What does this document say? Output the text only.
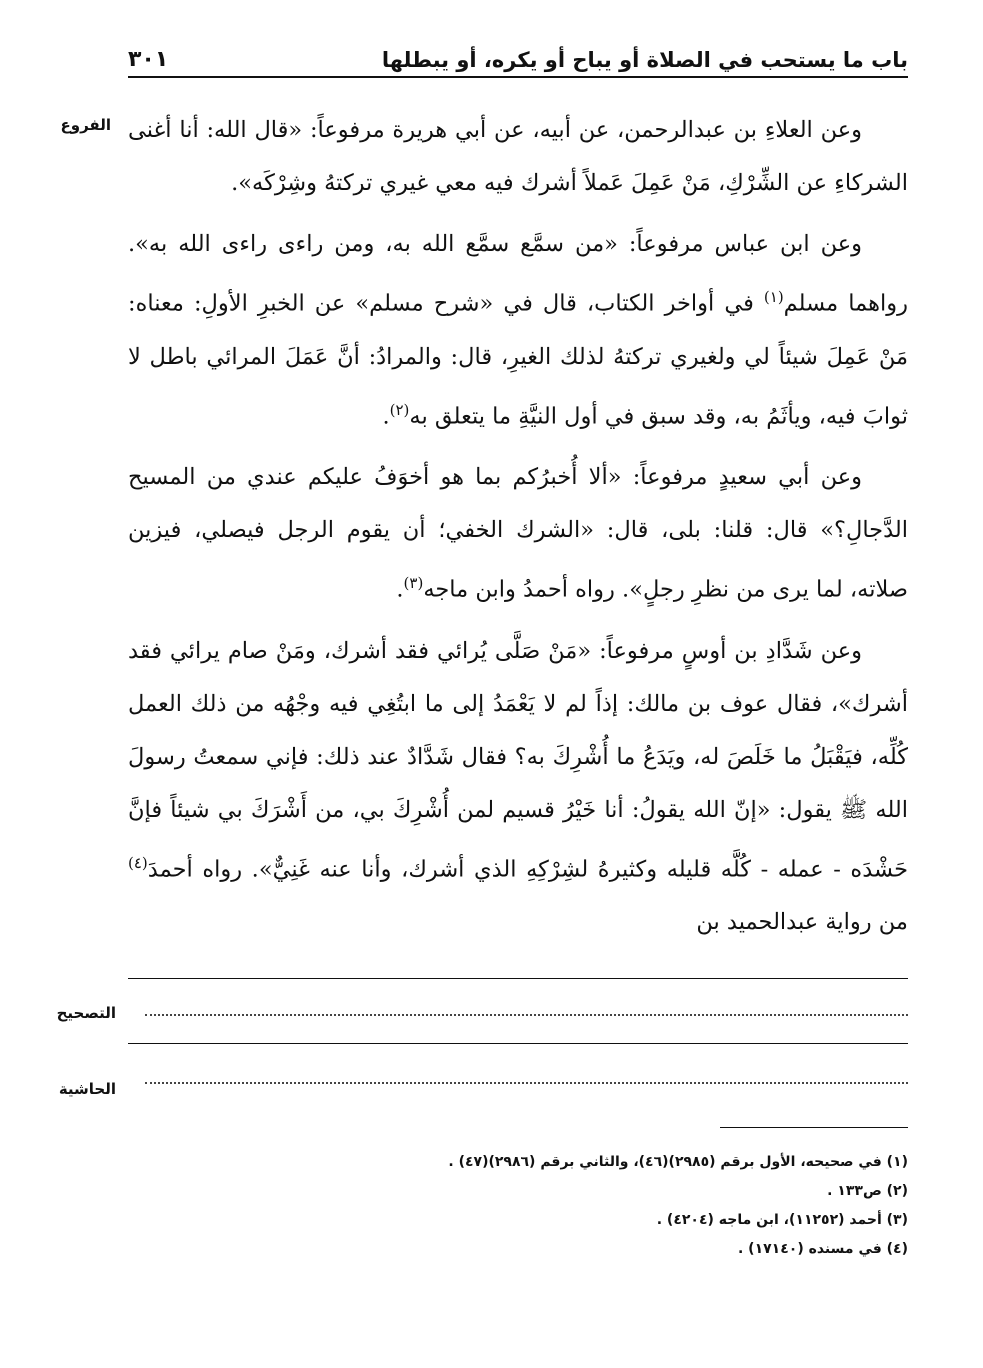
باب ما يستحب في الصلاة أو يباح أو يكره، أو يبطلها
٣٠١
الفروع وعن العلاءِ بن عبدالرحمن، عن أبيه، عن أبي هريرة مرفوعاً: «قال الله: أنا أغنى الشركاءِ عن الشِّرْكِ، مَنْ عَمِلَ عَملاً أشرك فيه معي غيري تركتهُ وشِرْكَه».

وعن ابن عباس مرفوعاً: «من سمَّع سمَّع الله به، ومن راءى راءى الله به». رواهما مسلم$^{(١)}$ في أواخر الكتاب، قال في «شرح مسلم» عن الخبرِ الأولِ: معناه: مَنْ عَمِلَ شيئاً لي ولغيري تركتهُ لذلك الغيرِ، قال: والمرادُ: أنَّ عَمَلَ المرائي باطل لا ثوابَ فيه، ويأثَمُ به، وقد سبق في أول النيَّةِ ما يتعلق به$^{(٢)}$.

وعن أبي سعيدٍ مرفوعاً: «ألا أُخبرُكم بما هو أخوَفُ عليكم عندي من المسيح الدَّجالِ؟» قال: قلنا: بلى، قال: «الشرك الخفي؛ أن يقوم الرجل فيصلي، فيزين صلاته، لما يرى من نظرِ رجلٍ». رواه أحمدُ وابن ماجه$^{(٣)}$.

وعن شَدَّادِ بن أوسٍ مرفوعاً: «مَنْ صَلَّى يُرائي فقد أشرك، ومَنْ صام يرائي فقد أشرك»، فقال عوف بن مالك: إذاً لم لا يَعْمَدُ إلى ما ابتُغِي فيه وجْهُه من ذلك العمل كُلِّه، فيَقْبَلُ ما خَلَصَ له، ويَدَعُ ما أُشْرِكَ به؟ فقال شَدَّادٌ عند ذلك: فإني سمعتُ رسولَ الله ﷺ يقول: «إنّ الله يقولُ: أنا خَيْرُ قسيم لمن أُشْرِكَ بي، من أَشْرَكَ بي شيئاً فإنَّ حَشْدَه - عمله - كُلَّه قليله وكثيرهُ لشِرْكِهِ الذي أشرك، وأنا عنه غَنِيٌّ». رواه أحمدَ$^{(٤)}$ من رواية عبدالحميد بن

التصحيح
الحاشية
(١) في صحيحه، الأول برقم (٢٩٨٥)(٤٦)، والثاني برقم (٢٩٨٦)(٤٧) .
(٢) ص١٣٣ .
(٣) أحمد (١١٢٥٢)، ابن ماجه (٤٢٠٤) .
(٤) في مسنده (١٧١٤٠) .
